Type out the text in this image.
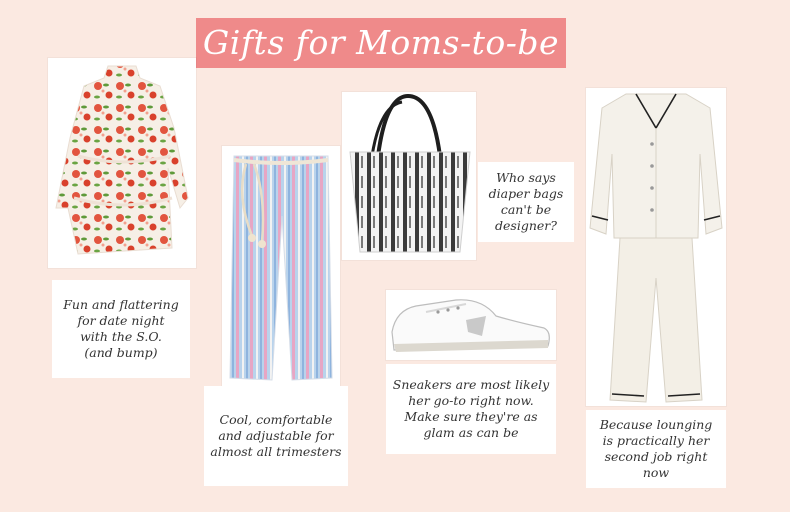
Gifts for Moms-to-be
Fun and flattering
for date night
with the S.O.
(and bump)
Cool, comfortable
and adjustable for
almost all trimesters
Who says
diaper bags
can't be
designer?
Sneakers are most likely
her go-to right now.
Make sure they're as
glam as can be
Because lounging
is practically her
second job right now
